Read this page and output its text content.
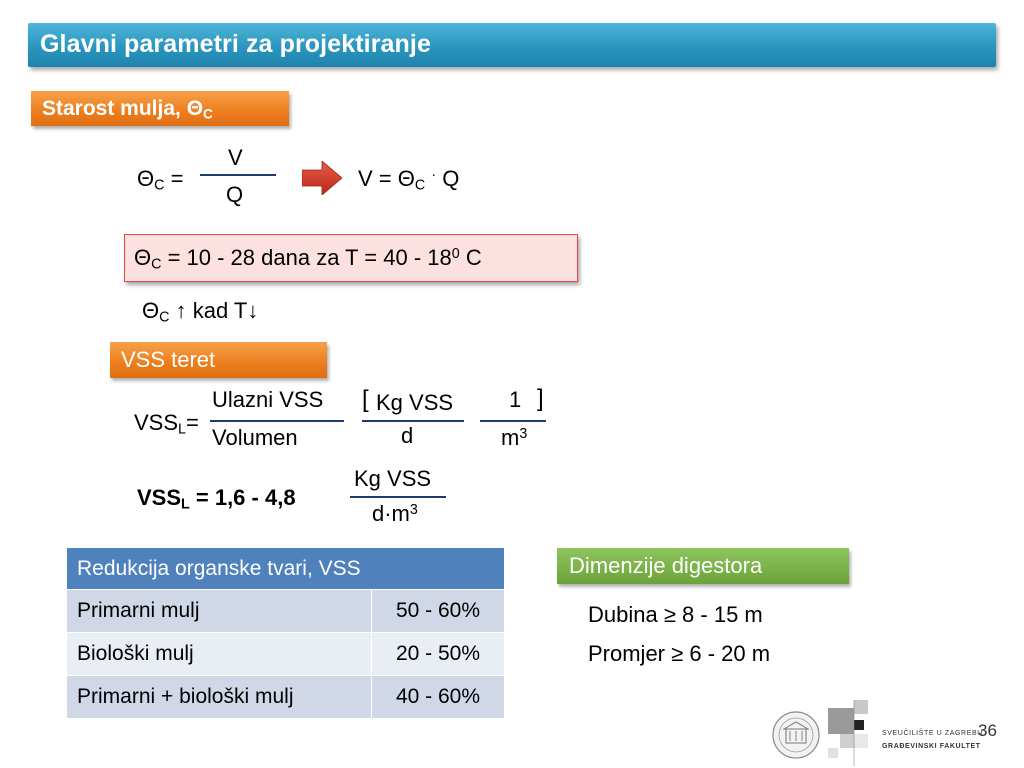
Glavni parametri za projektiranje
Starost mulja, $\Theta_C$
$\Theta_C$ =
V
Q
$V = \Theta_C$ · Q
$\Theta_C = 10 - 28$ dana za $T = 40 - 18^0$ C
$\Theta_C$ ↑ kad T↓
VSS teret
$VSS_L=$
Ulazni VSS
Volumen
[ Kg VSS
d
1 ]
$m^3$
$VSS_L = 1,6 - 4,8$
Kg VSS
$d\cdot m^3$
Redukcija organske tvari, VSS	
Primarni mulj	50 - 60%
Biološki mulj	20 - 50%
Primarni + biološki mulj	40 - 60%
Dimenzije digestora
Dubina ≥ 8 - 15 m
Promjer ≥ 6 - 20 m
SVEUČILIŠTE U ZAGREBU
GRAĐEVINSKI FAKULTET
36
